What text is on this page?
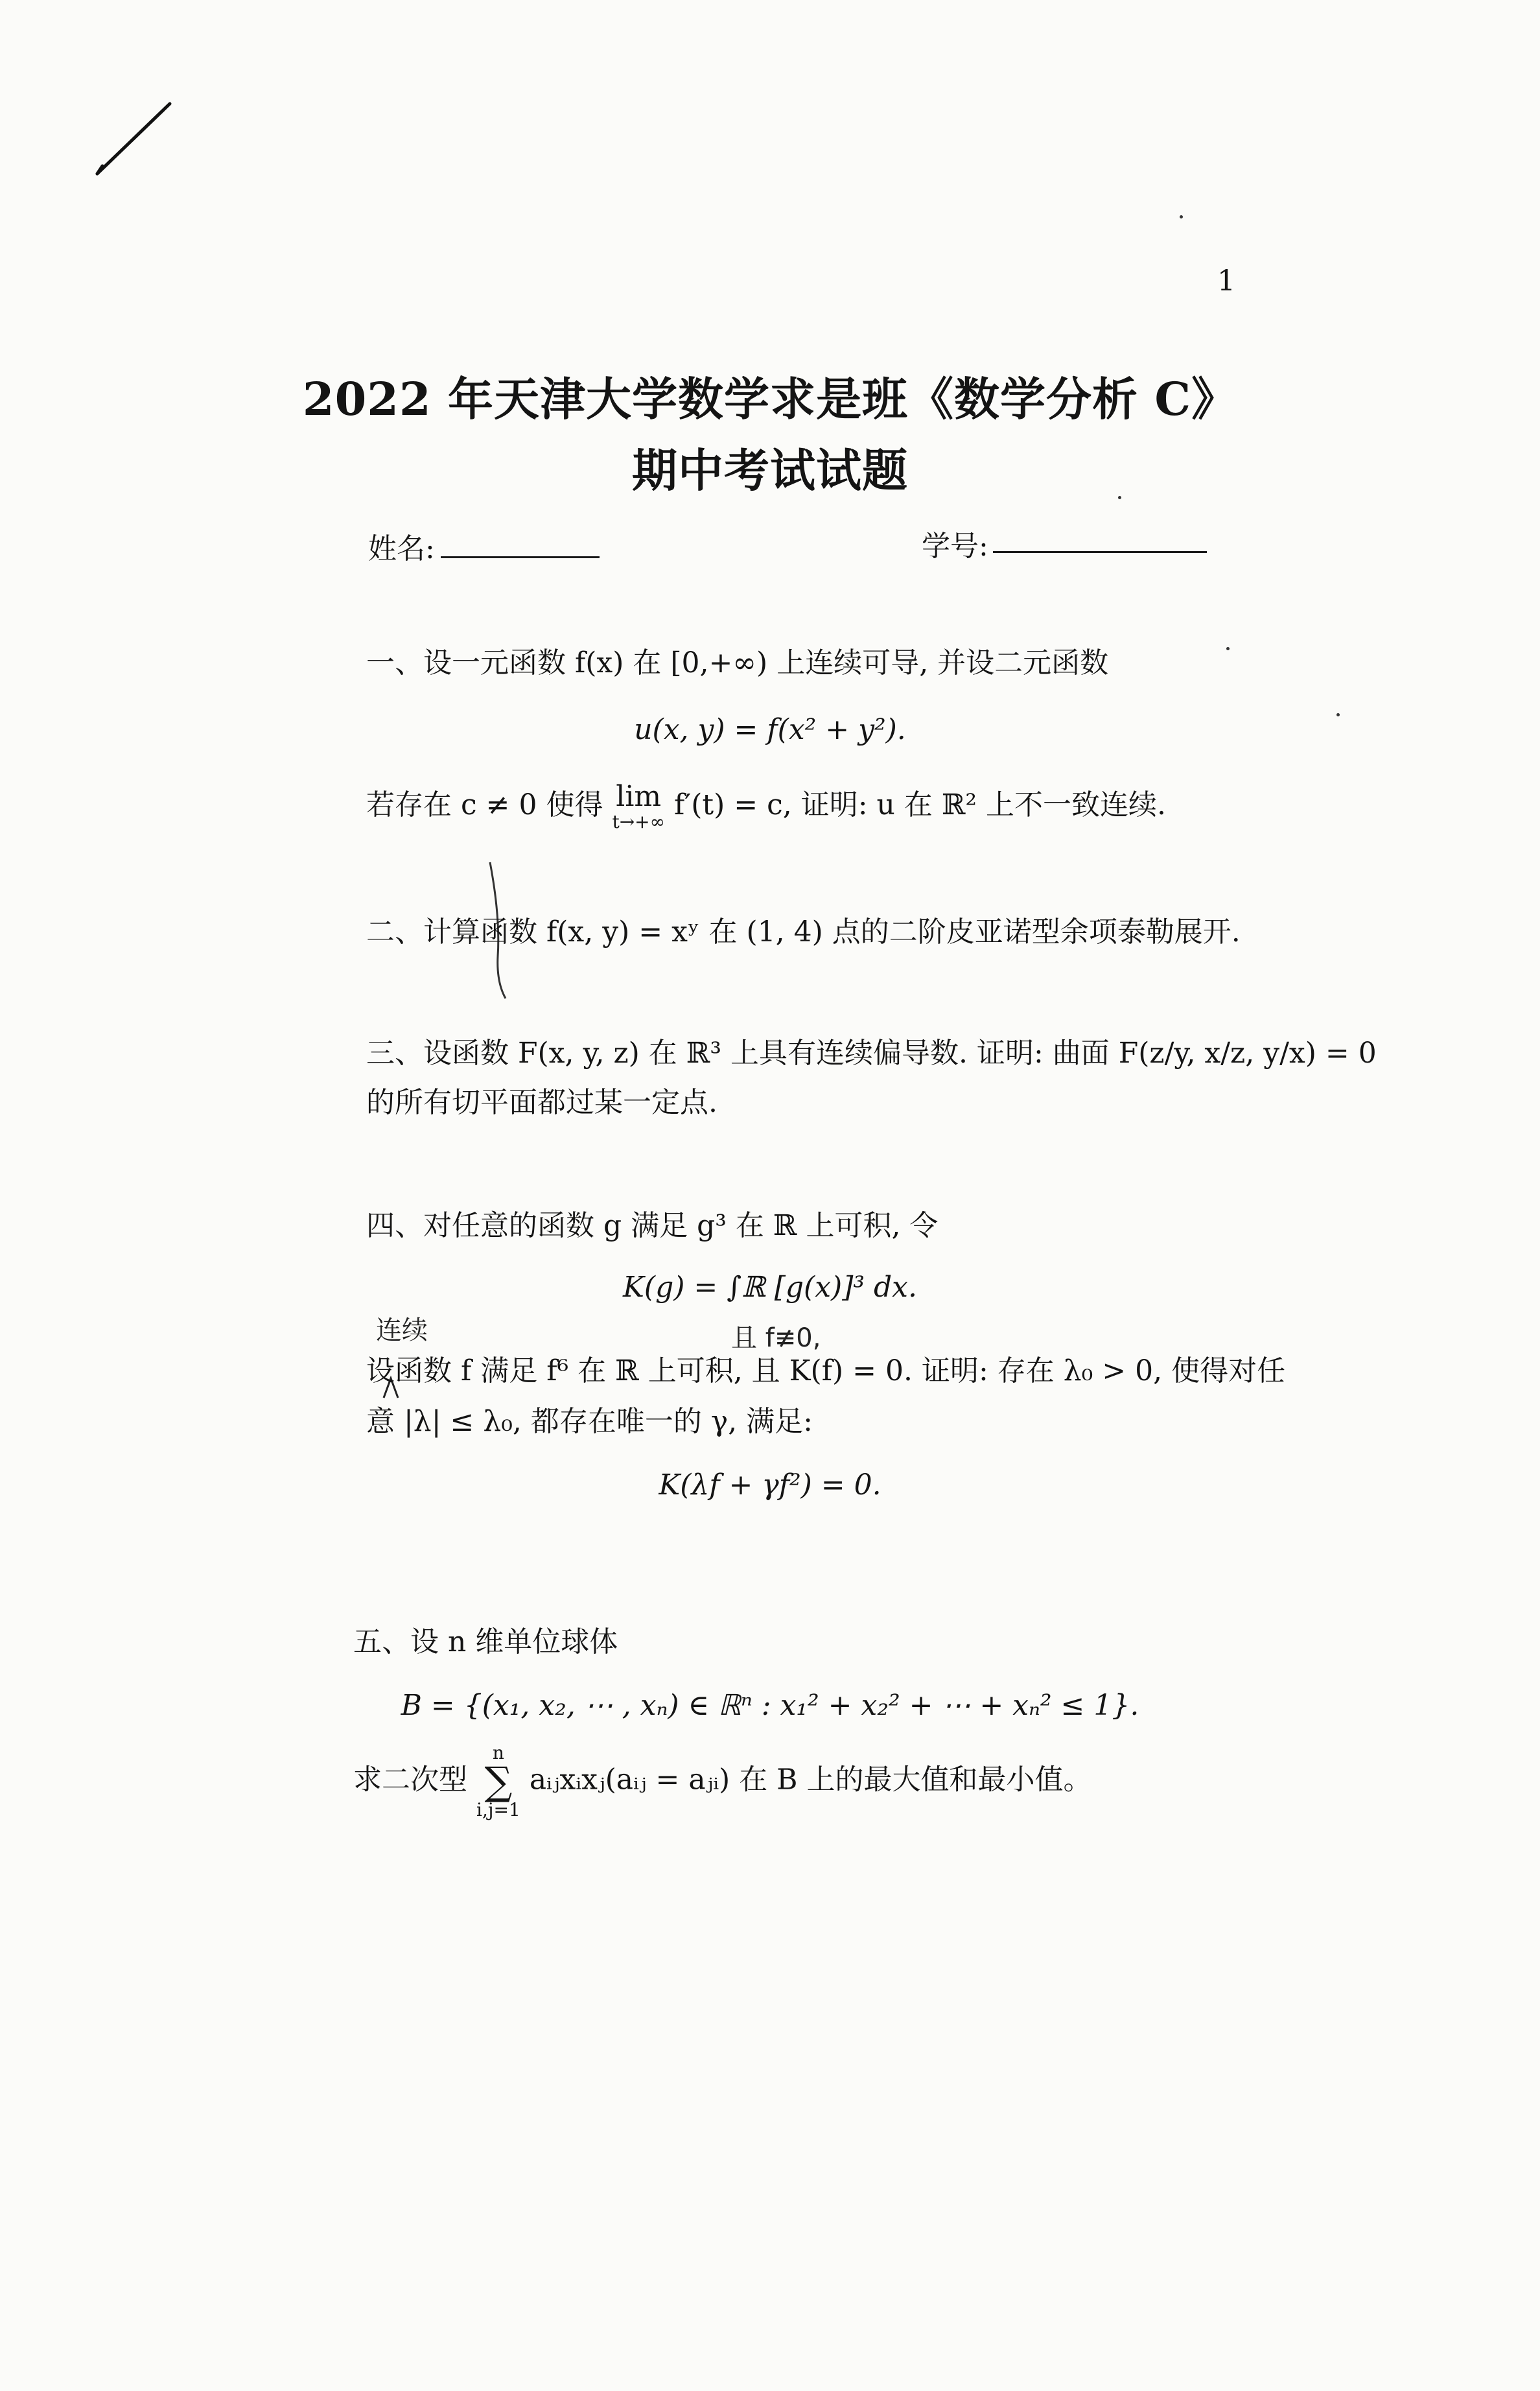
1
2022 年天津大学数学求是班《数学分析 C》
期中考试试题
姓名:	学号:
一、设一元函数 f(x) 在 [0,+∞) 上连续可导, 并设二元函数
u(x, y) = f(x² + y²).
若存在 c ≠ 0 使得 lim
t→+∞
f′(t) = c, 证明: u 在 ℝ² 上不一致连续.
二、计算函数 f(x, y) = xʸ 在 (1, 4) 点的二阶皮亚诺型余项泰勒展开.
三、设函数 F(x, y, z) 在 ℝ³ 上具有连续偏导数. 证明: 曲面 F(z/y, x/z, y/x) = 0
的所有切平面都过某一定点.
四、对任意的函数 g 满足 g³ 在 ℝ 上可积, 令
K(g) = ∫ℝ [g(x)]³ dx.
连续	且 f≢0,
设函数 f 满足 f⁶ 在 ℝ 上可积, 且 K(f) = 0. 证明: 存在 λ₀ > 0, 使得对任
意 |λ| ≤ λ₀, 都存在唯一的 γ, 满足:
K(λf + γf²) = 0.
五、设 n 维单位球体
B = {(x₁, x₂, ⋯ , xₙ) ∈ ℝⁿ : x₁² + x₂² + ⋯ + xₙ² ≤ 1}.
求二次型
n
∑
i,j=1
aᵢⱼxᵢxⱼ(aᵢⱼ = aⱼᵢ) 在 B 上的最大值和最小值。
